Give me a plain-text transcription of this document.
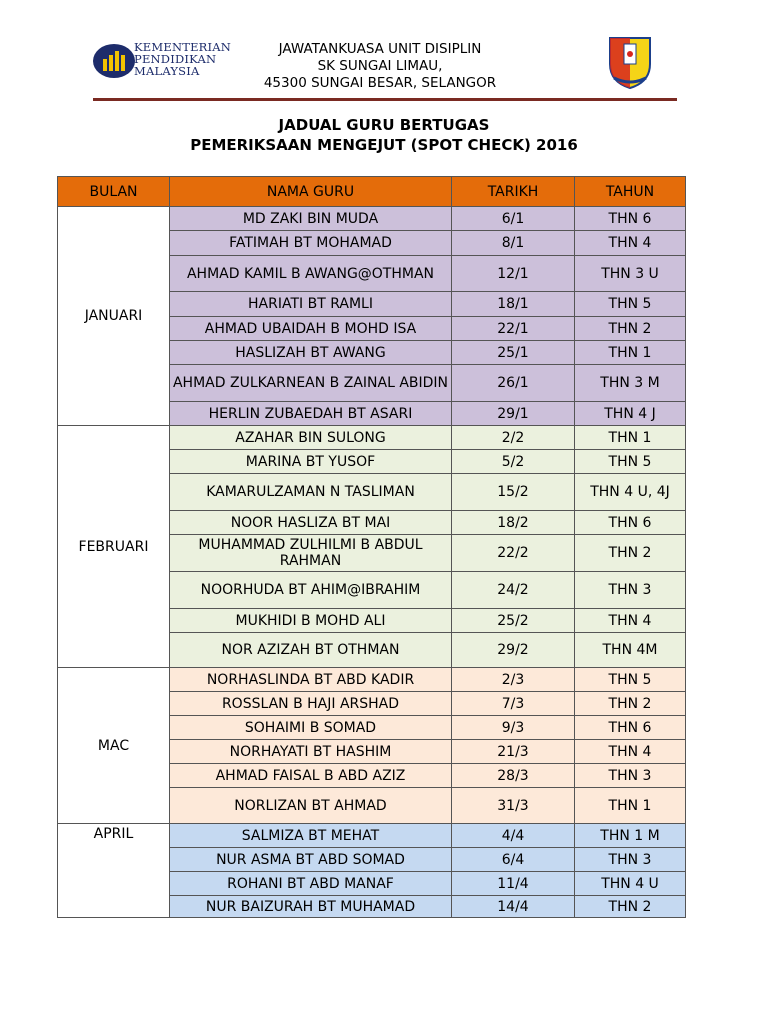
KEMENTERIAN
PENDIDIKAN
MALAYSIA
JAWATANKUASA UNIT DISIPLIN
SK SUNGAI LIMAU,
45300 SUNGAI BESAR, SELANGOR
JADUAL GURU BERTUGAS
PEMERIKSAAN MENGEJUT (SPOT CHECK) 2016
BULAN	NAMA GURU	TARIKH	TAHUN
JANUARI	MD ZAKI BIN MUDA	6/1	THN 6
	FATIMAH BT MOHAMAD	8/1	THN 4
	AHMAD KAMIL B AWANG@OTHMAN	12/1	THN 3 U
	HARIATI BT RAMLI	18/1	THN 5
	AHMAD UBAIDAH B MOHD ISA	22/1	THN 2
	HASLIZAH BT AWANG	25/1	THN 1
	AHMAD ZULKARNEAN B ZAINAL ABIDIN	26/1	THN 3 M
	HERLIN ZUBAEDAH BT ASARI	29/1	THN 4 J
FEBRUARI	AZAHAR BIN SULONG	2/2	THN 1
	MARINA BT YUSOF	5/2	THN 5
	KAMARULZAMAN N TASLIMAN	15/2	THN 4 U, 4J
	NOOR HASLIZA BT MAI	18/2	THN 6
	MUHAMMAD ZULHILMI B ABDUL RAHMAN	22/2	THN 2
	NOORHUDA BT AHIM@IBRAHIM	24/2	THN 3
	MUKHIDI B MOHD ALI	25/2	THN 4
	NOR AZIZAH BT OTHMAN	29/2	THN 4M
MAC	NORHASLINDA BT ABD KADIR	2/3	THN 5
	ROSSLAN B HAJI ARSHAD	7/3	THN 2
	SOHAIMI B SOMAD	9/3	THN 6
	NORHAYATI BT HASHIM	21/3	THN 4
	AHMAD FAISAL B ABD AZIZ	28/3	THN 3
	NORLIZAN BT AHMAD	31/3	THN 1
APRIL	SALMIZA BT MEHAT	4/4	THN 1 M
	NUR ASMA BT ABD SOMAD	6/4	THN 3
	ROHANI BT ABD MANAF	11/4	THN 4 U
	NUR BAIZURAH BT MUHAMAD	14/4	THN 2
